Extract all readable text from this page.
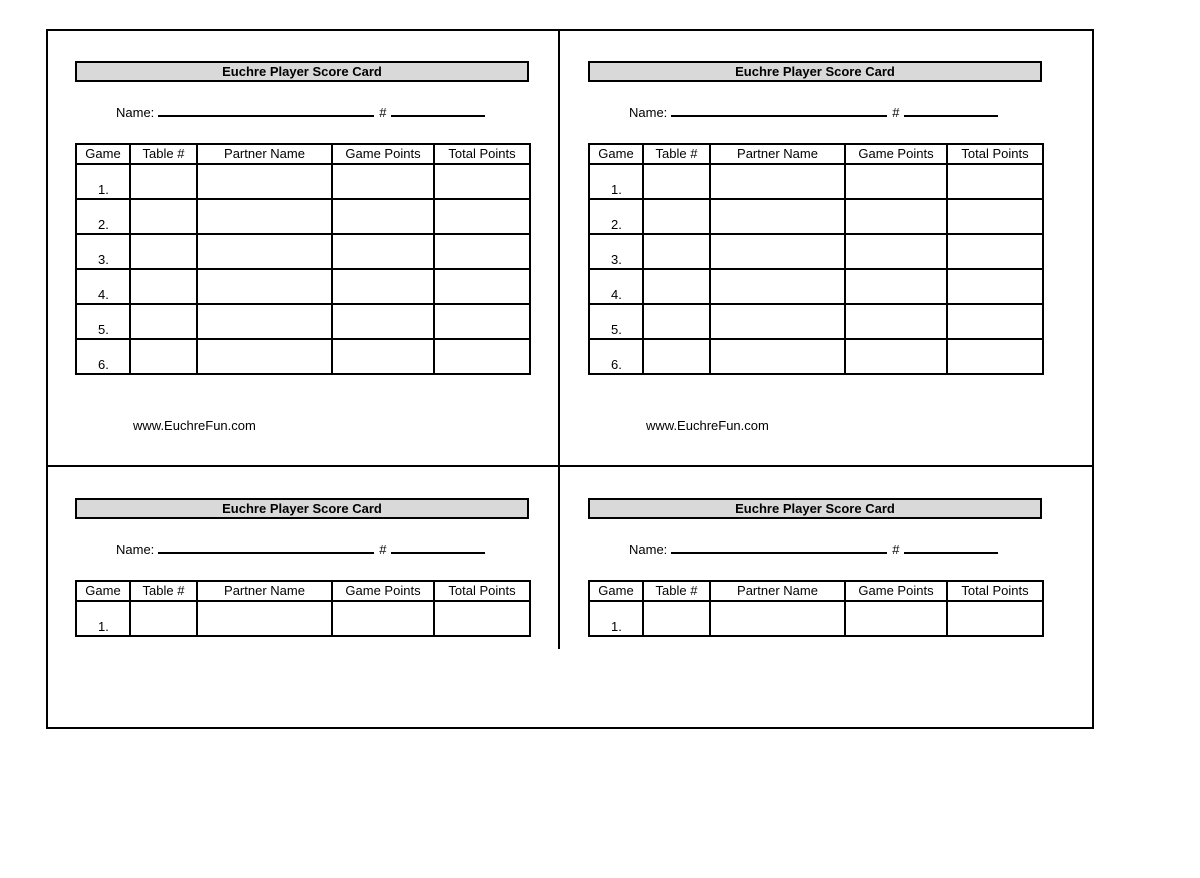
Euchre Player Score Card
Name:	#
Game	Table #	Partner Name	Game Points	Total Points
1.				
2.				
3.				
4.				
5.				
6.				
www.EuchreFun.com
Euchre Player Score Card
Name:	#
Game	Table #	Partner Name	Game Points	Total Points
1.				
2.				
3.				
4.				
5.				
6.				
www.EuchreFun.com
Euchre Player Score Card
Name:	#
Game	Table #	Partner Name	Game Points	Total Points
1.				
Euchre Player Score Card
Name:	#
Game	Table #	Partner Name	Game Points	Total Points
1.				
